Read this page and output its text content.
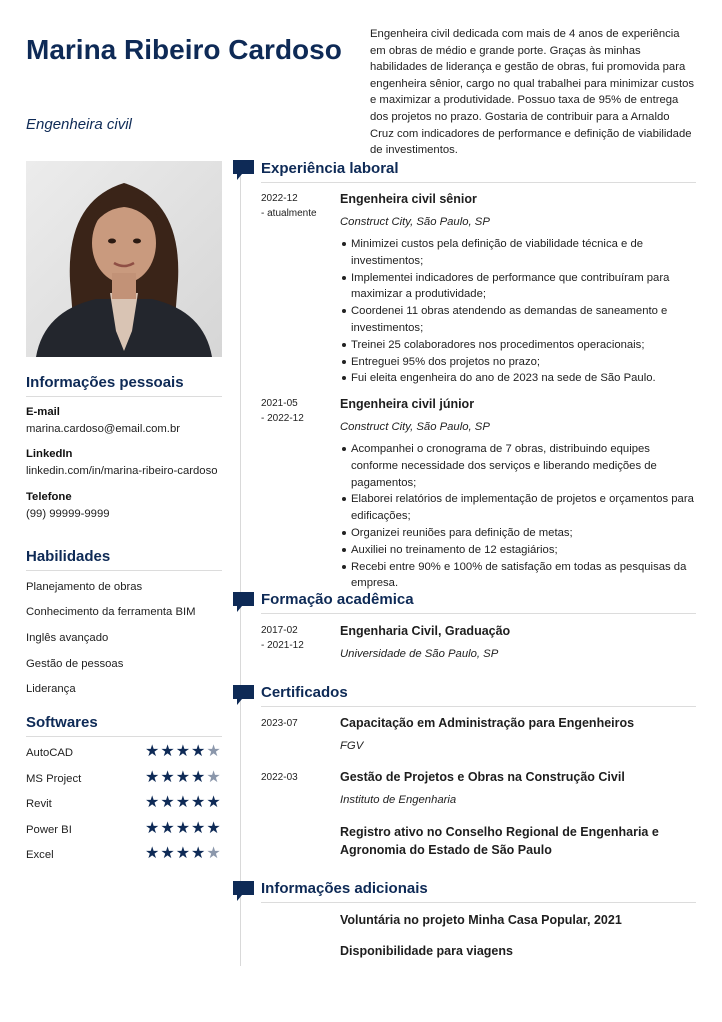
Marina Ribeiro Cardoso
Engenheira civil
Engenheira civil dedicada com mais de 4 anos de experiência em obras de médio e grande porte. Graças às minhas habilidades de liderança e gestão de obras, fui promovida para engenheira sênior, cargo no qual trabalhei para minimizar custos e maximizar a produtividade. Possuo taxa de 95% de entrega dos projetos no prazo. Gostaria de contribuir para a Arnaldo Cruz com indicadores de performance e definição de viabilidade de investimentos.
Informações pessoais
E-mail
marina.cardoso@email.com.br
LinkedIn
linkedin.com/in/marina-ribeiro-cardoso
Telefone
(99) 99999-9999
Habilidades
Planejamento de obras
Conhecimento da ferramenta BIM
Inglês avançado
Gestão de pessoas
Liderança
Softwares
AutoCAD	★ ★ ★ ★ ★
MS Project	★ ★ ★ ★ ★
Revit	★ ★ ★ ★ ★
Power BI	★ ★ ★ ★ ★
Excel	★ ★ ★ ★ ★
Experiência laboral
2022-12
- atualmente
Engenheira civil sênior
Construct City, São Paulo, SP
Minimizei custos pela definição de viabilidade técnica e de investimentos;
Implementei indicadores de performance que contribuíram para maximizar a produtividade;
Coordenei 11 obras atendendo as demandas de saneamento e investimentos;
Treinei 25 colaboradores nos procedimentos operacionais;
Entreguei 95% dos projetos no prazo;
Fui eleita engenheira do ano de 2023 na sede de São Paulo.
2021-05
- 2022-12
Engenheira civil júnior
Construct City, São Paulo, SP
Acompanhei o cronograma de 7 obras, distribuindo equipes conforme necessidade dos serviços e liberando medições de pagamentos;
Elaborei relatórios de implementação de projetos e orçamentos para edificações;
Organizei reuniões para definição de metas;
Auxiliei no treinamento de 12 estagiários;
Recebi entre 90% e 100% de satisfação em todas as pesquisas da empresa.
Formação acadêmica
2017-02
- 2021-12
Engenharia Civil, Graduação
Universidade de São Paulo, SP
Certificados
2023-07	Capacitação em Administração para Engenheiros
FGV
2022-03	Gestão de Projetos e Obras na Construção Civil
Instituto de Engenharia
Registro ativo no Conselho Regional de Engenharia e
Agronomia do Estado de São Paulo
Informações adicionais
Voluntária no projeto Minha Casa Popular, 2021
Disponibilidade para viagens
